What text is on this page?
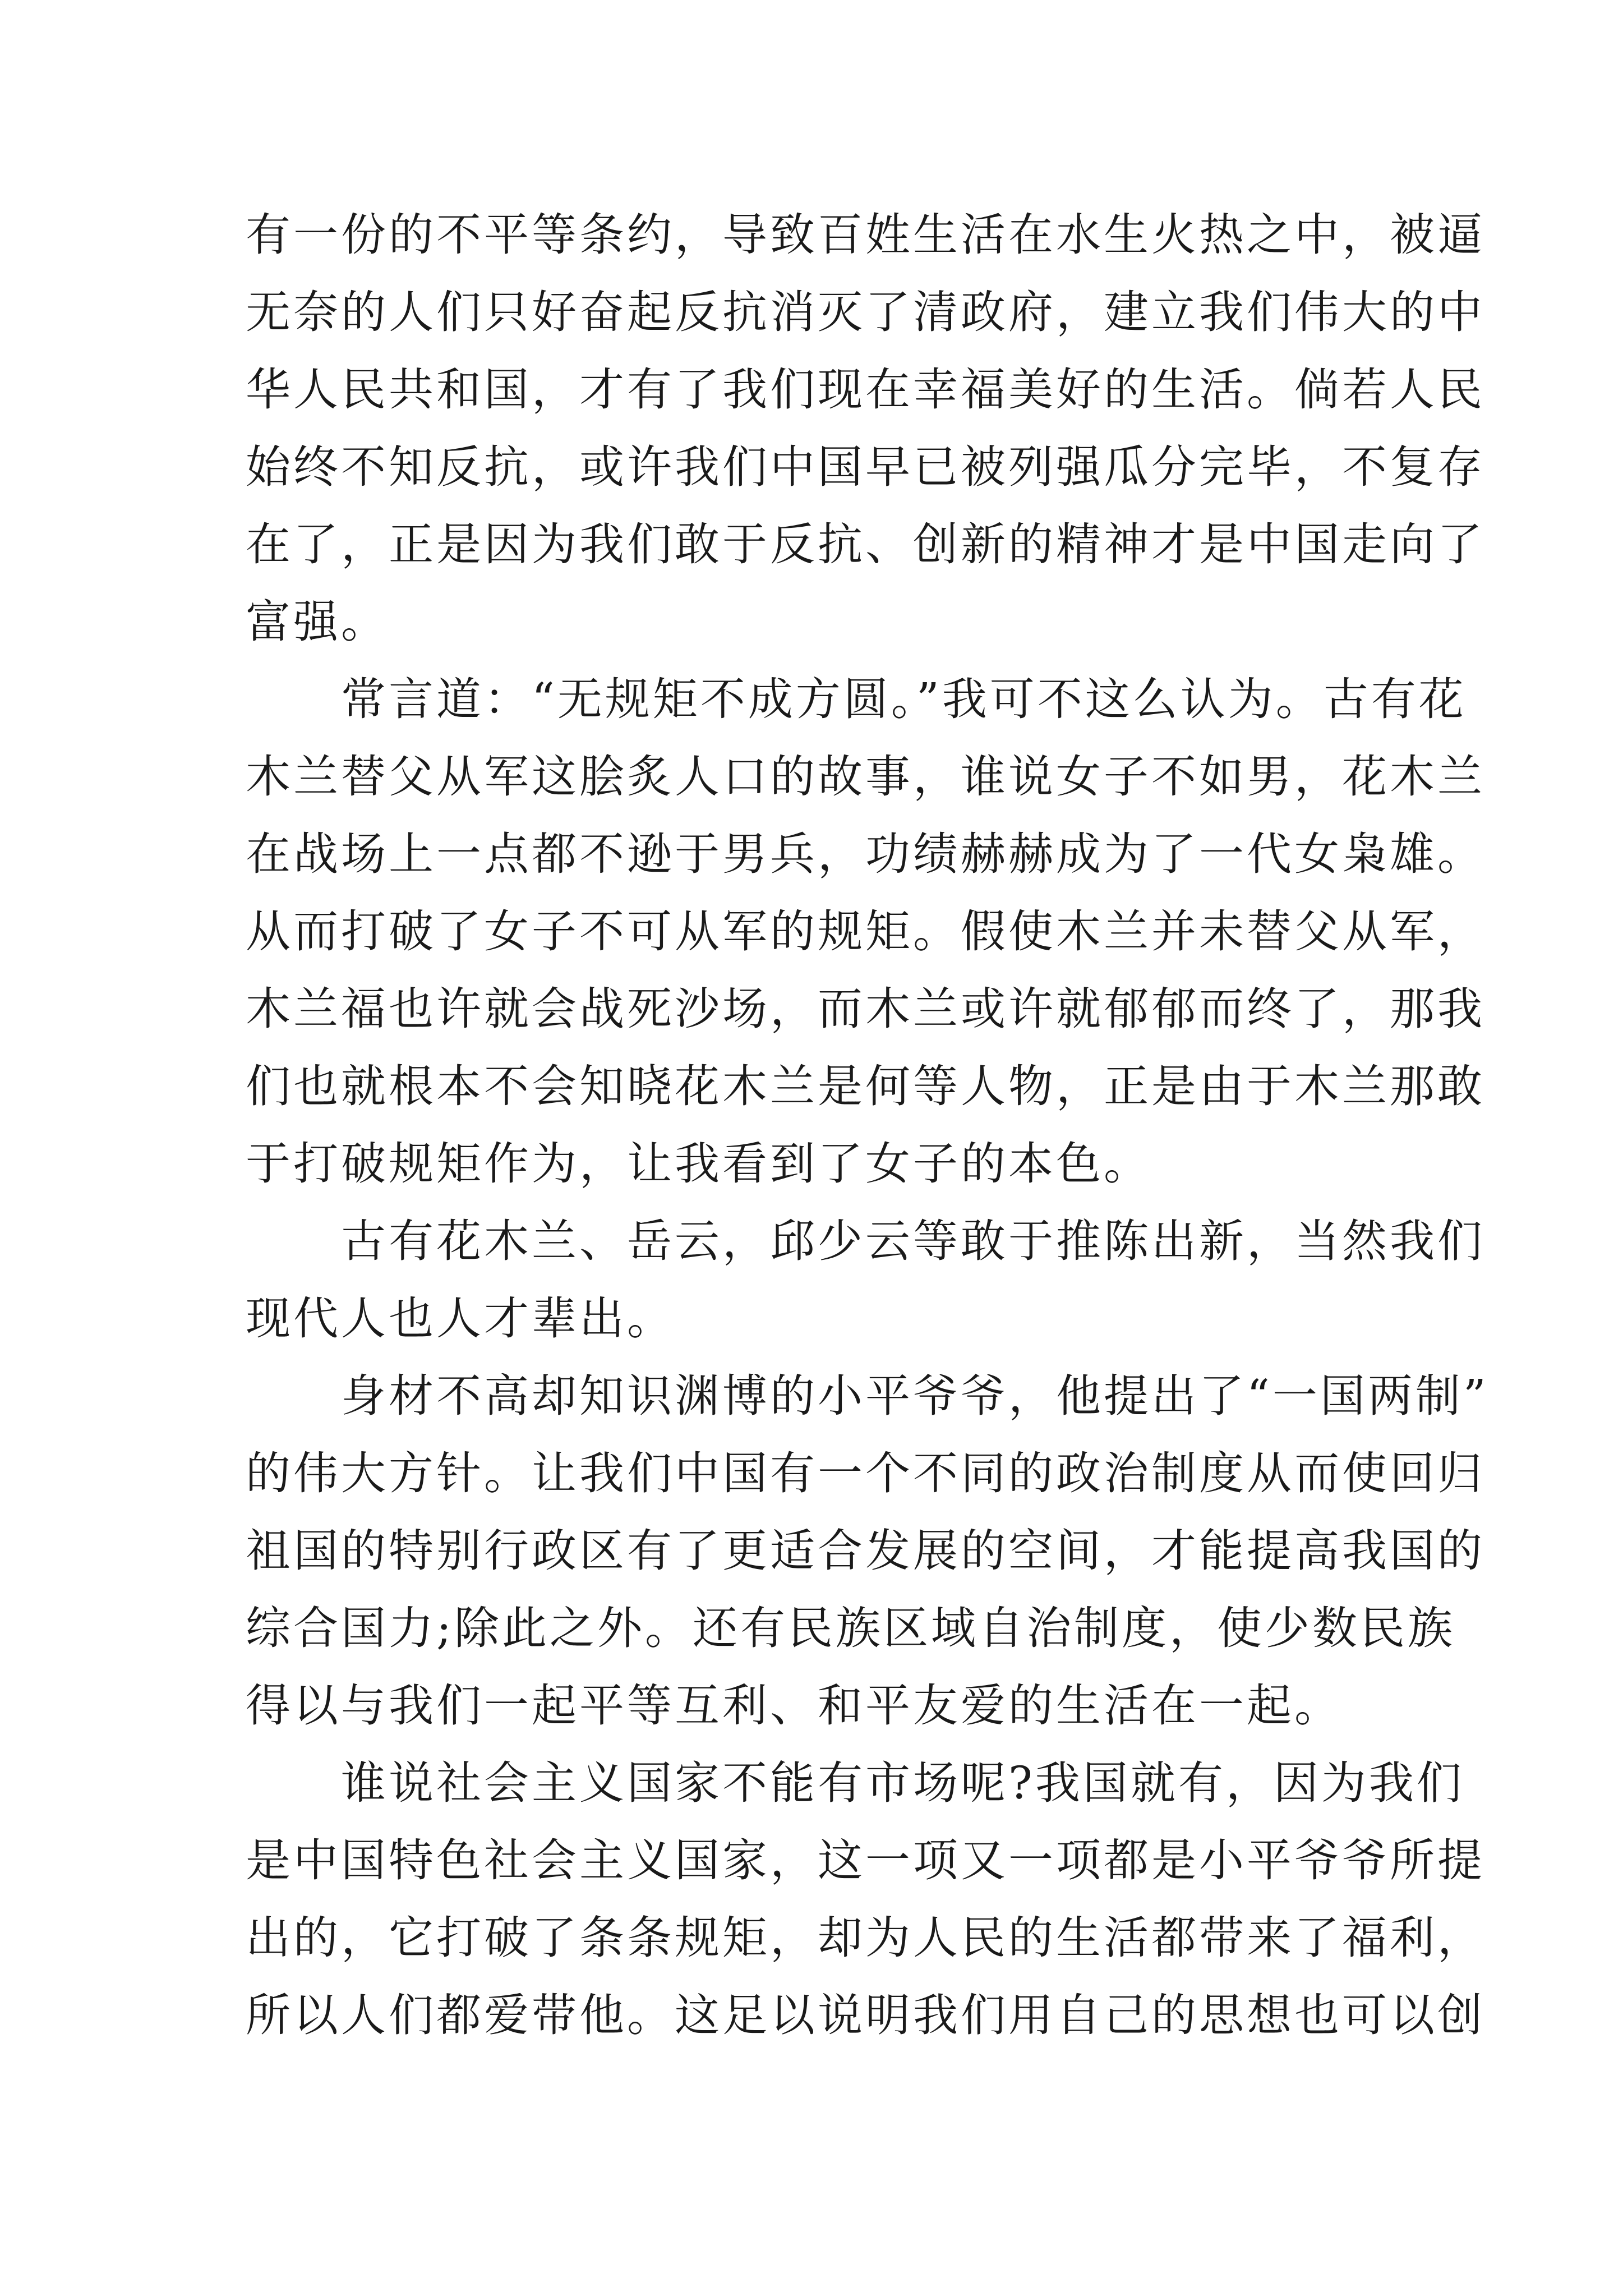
有一份的不平等条约，导致百姓生活在水生火热之中，被逼
无奈的人们只好奋起反抗消灭了清政府，建立我们伟大的中
华人民共和国，才有了我们现在幸福美好的生活。倘若人民
始终不知反抗，或许我们中国早已被列强瓜分完毕，不复存
在了，正是因为我们敢于反抗、创新的精神才是中国走向了
富强。
常言道：“无规矩不成方圆。”我可不这么认为。古有花
木兰替父从军这脍炙人口的故事，谁说女子不如男，花木兰
在战场上一点都不逊于男兵，功绩赫赫成为了一代女枭雄。
从而打破了女子不可从军的规矩。假使木兰并未替父从军，
木兰福也许就会战死沙场，而木兰或许就郁郁而终了，那我
们也就根本不会知晓花木兰是何等人物，正是由于木兰那敢
于打破规矩作为，让我看到了女子的本色。
古有花木兰、岳云，邱少云等敢于推陈出新，当然我们
现代人也人才辈出。
身材不高却知识渊博的小平爷爷，他提出了“一国两制”
的伟大方针。让我们中国有一个不同的政治制度从而使回归
祖国的特别行政区有了更适合发展的空间，才能提高我国的
综合国力;除此之外。还有民族区域自治制度，使少数民族
得以与我们一起平等互利、和平友爱的生活在一起。
谁说社会主义国家不能有市场呢?我国就有，因为我们
是中国特色社会主义国家，这一项又一项都是小平爷爷所提
出的，它打破了条条规矩，却为人民的生活都带来了福利，
所以人们都爱带他。这足以说明我们用自己的思想也可以创
